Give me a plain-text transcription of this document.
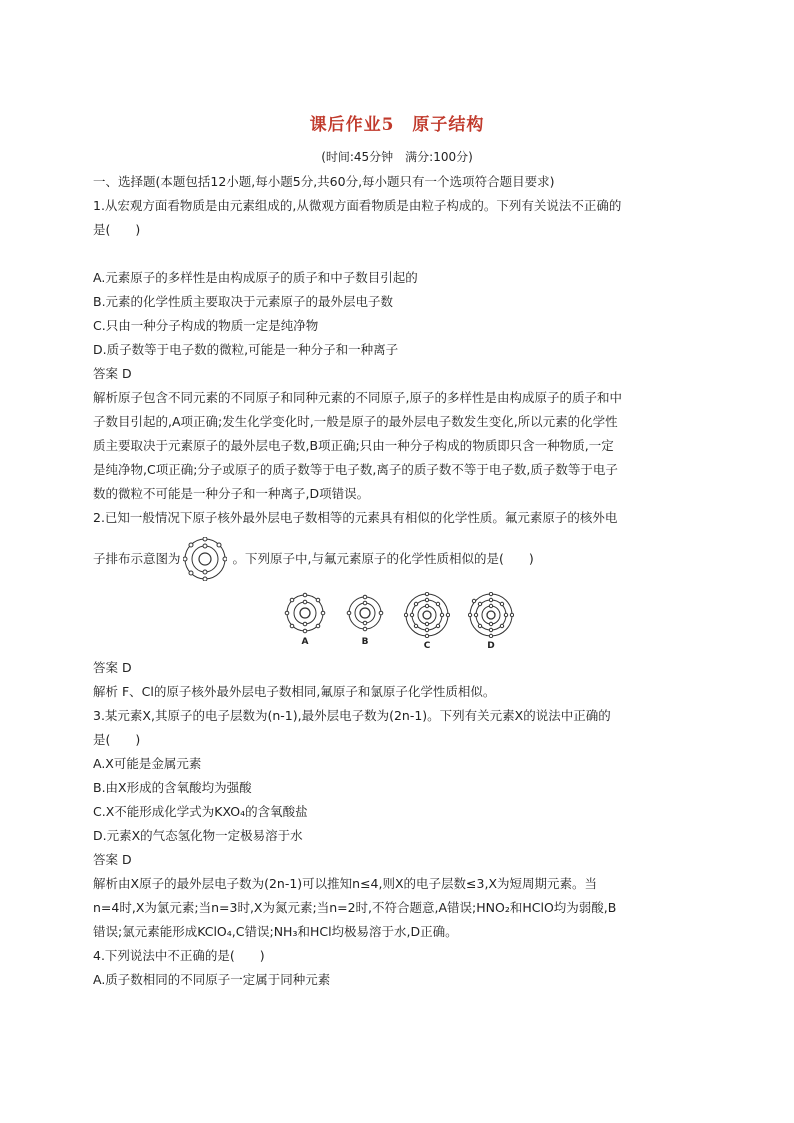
课后作业5　原子结构
(时间:45分钟　满分:100分)

一、选择题(本题包括12小题,每小题5分,共60分,每小题只有一个选项符合题目要求)

1.从宏观方面看物质是由元素组成的,从微观方面看物质是由粒子构成的。下列有关说法不正确的

是(　　)

A.元素原子的多样性是由构成原子的质子和中子数目引起的

B.元素的化学性质主要取决于元素原子的最外层电子数

C.只由一种分子构成的物质一定是纯净物

D.质子数等于电子数的微粒,可能是一种分子和一种离子

答案 D

解析原子包含不同元素的不同原子和同种元素的不同原子,原子的多样性是由构成原子的质子和中

子数目引起的,A项正确;发生化学变化时,一般是原子的最外层电子数发生变化,所以元素的化学性

质主要取决于元素原子的最外层电子数,B项正确;只由一种分子构成的物质即只含一种物质,一定

是纯净物,C项正确;分子或原子的质子数等于电子数,离子的质子数不等于电子数,质子数等于电子

数的微粒不可能是一种分子和一种离子,D项错误。

2.已知一般情况下原子核外最外层电子数相等的元素具有相似的化学性质。氟元素原子的核外电

子排布示意图为	。下列原子中,与氟元素原子的化学性质相似的是(　　)
A	B	C	D

答案 D

解析 F、Cl的原子核外最外层电子数相同,氟原子和氯原子化学性质相似。

3.某元素X,其原子的电子层数为(n-1),最外层电子数为(2n-1)。下列有关元素X的说法中正确的

是(　　)

A.X可能是金属元素

B.由X形成的含氧酸均为强酸

C.X不能形成化学式为KXO₄的含氧酸盐

D.元素X的气态氢化物一定极易溶于水

答案 D

解析由X原子的最外层电子数为(2n-1)可以推知n≤4,则X的电子层数≤3,X为短周期元素。当

n=4时,X为氯元素;当n=3时,X为氮元素;当n=2时,不符合题意,A错误;HNO₂和HClO均为弱酸,B

错误;氯元素能形成KClO₄,C错误;NH₃和HCl均极易溶于水,D正确。

4.下列说法中不正确的是(　　)

A.质子数相同的不同原子一定属于同种元素
